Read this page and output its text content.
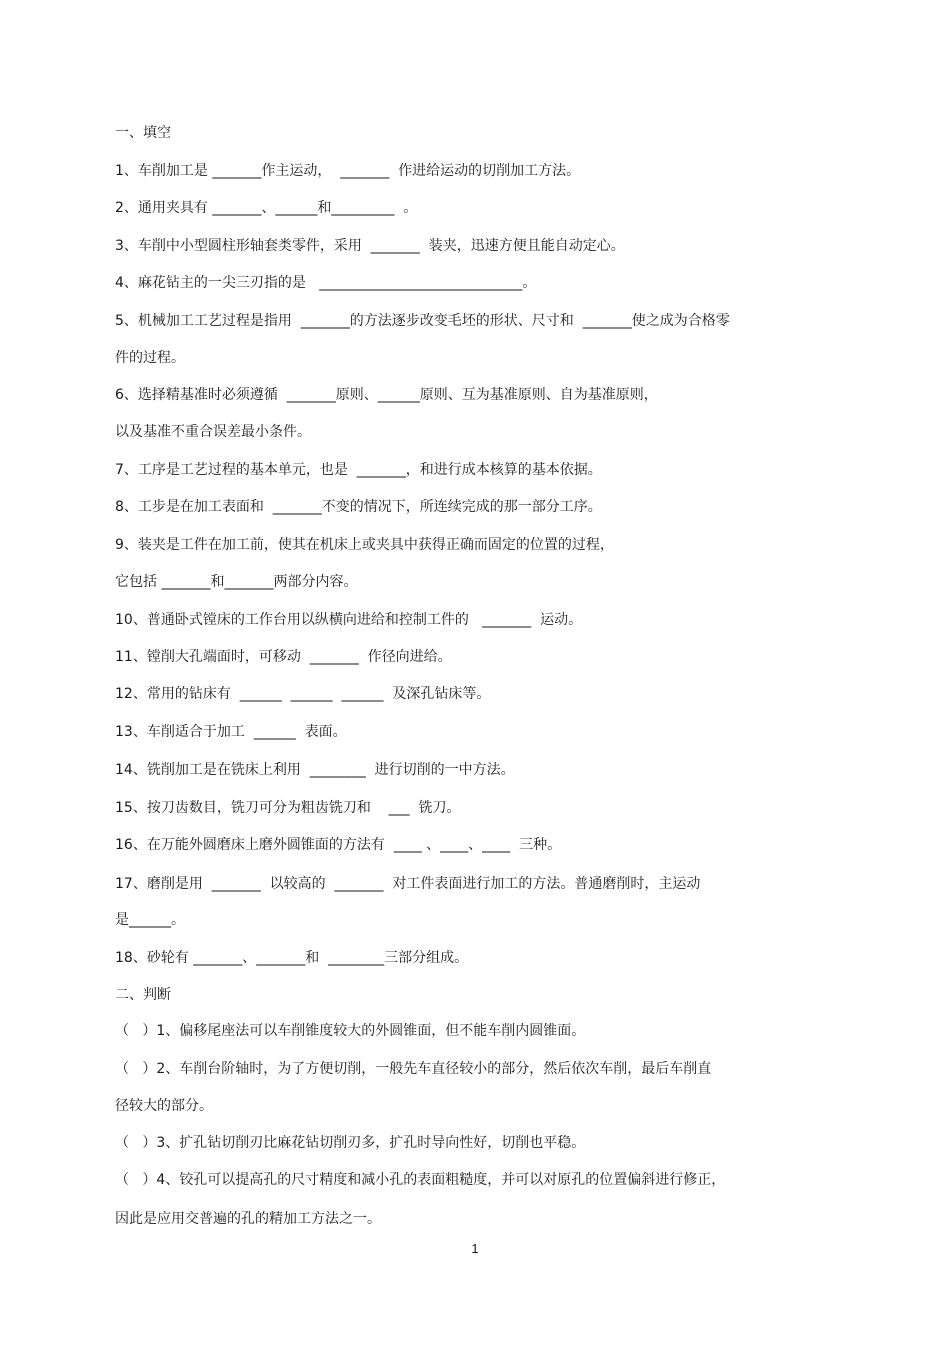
一、填空
1、车削加工是 _______作主运动，  _______  作进给运动的切削加工方法。
2、通用夹具有 _______、______和_________  。
3、车削中小型圆柱形轴套类零件，采用  _______  装夹，迅速方便且能自动定心。
4、麻花钻主的一尖三刃指的是   _____________________________。
5、机械加工工艺过程是指用  _______的方法逐步改变毛坯的形状、尺寸和  _______使之成为合格零
件的过程。
6、选择精基准时必须遵循  _______原则、______原则、互为基准原则、自为基准原则，
以及基准不重合误差最小条件。
7、工序是工艺过程的基本单元，也是  _______，和进行成本核算的基本依据。
8、工步是在加工表面和  _______不变的情况下，所连续完成的那一部分工序。
9、装夹是工件在加工前，使其在机床上或夹具中获得正确而固定的位置的过程，
它包括 _______和_______两部分内容。
10、普通卧式镗床的工作台用以纵横向进给和控制工件的   _______  运动。
11、镗削大孔端面时，可移动  _______  作径向进给。
12、常用的钻床有  ______  ______  ______  及深孔钻床等。
13、车削适合于加工  ______  表面。
14、铣削加工是在铣床上利用  ________  进行切削的一中方法。
15、按刀齿数目，铣刀可分为粗齿铣刀和    ___  铣刀。
16、在万能外圆磨床上磨外圆锥面的方法有  ____ 、____、____  三种。
17、磨削是用  _______  以较高的  _______  对工件表面进行加工的方法。普通磨削时，主运动
是______。
18、砂轮有 _______、_______和  ________三部分组成。
二、判断
（   ）1、偏移尾座法可以车削锥度较大的外圆锥面，但不能车削内圆锥面。
（   ）2、车削台阶轴时，为了方便切削，一般先车直径较小的部分，然后依次车削，最后车削直
径较大的部分。
（   ）3、扩孔钻切削刃比麻花钻切削刃多，扩孔时导向性好，切削也平稳。
（   ）4、铰孔可以提高孔的尺寸精度和减小孔的表面粗糙度，并可以对原孔的位置偏斜进行修正，
因此是应用交普遍的孔的精加工方法之一。
1
